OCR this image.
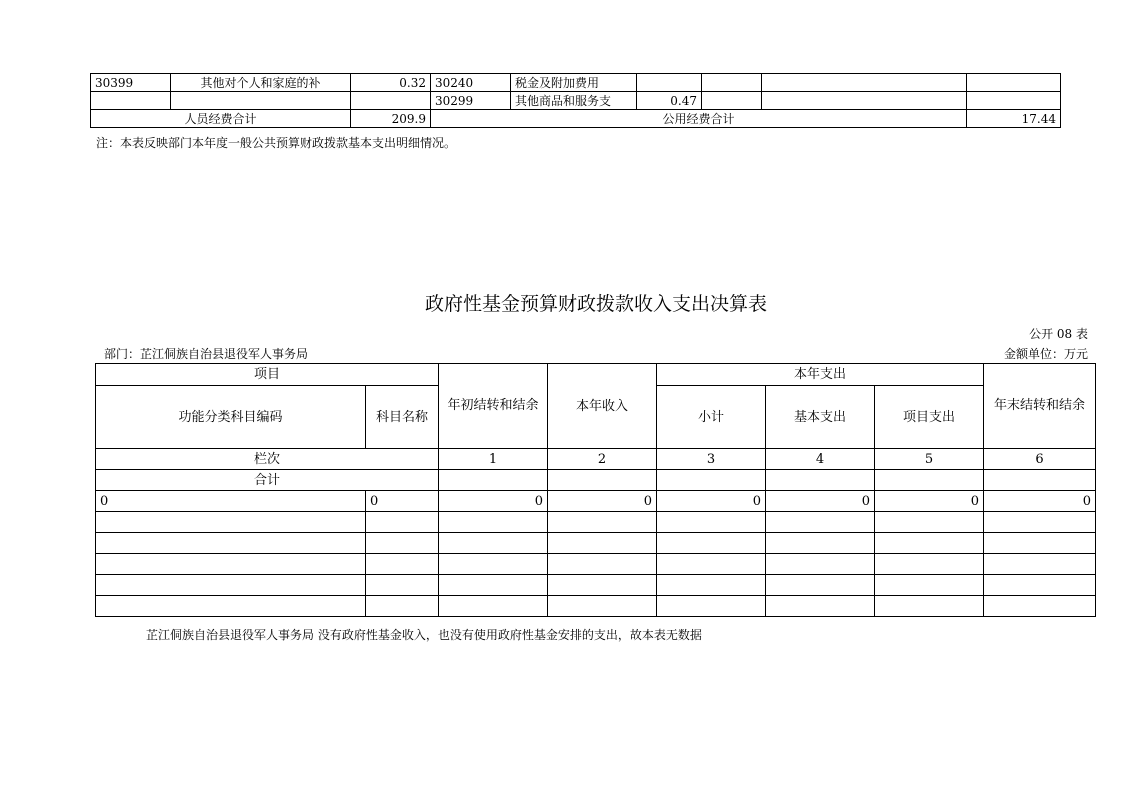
30399	其他对个人和家庭的补	0.32	30240	税金及附加费用					
			30299	其他商品和服务支	0.47				
人员经费合计		209.9	公用经费合计					17.44
注：本表反映部门本年度一般公共预算财政拨款基本支出明细情况。
政府性基金预算财政拨款收入支出决算表
公开 08 表
部门：芷江侗族自治县退役军人事务局	金额单位：万元
项目		年初结转和结余	本年收入	本年支出			年末结转和结余
功能分类科目编码	科目名称			小计	基本支出	项目支出	
栏次		1	2	3	4	5	6
合计							
0	0	0	0	0	0	0	0

芷江侗族自治县退役军人事务局 没有政府性基金收入，也没有使用政府性基金安排的支出，故本表无数据
